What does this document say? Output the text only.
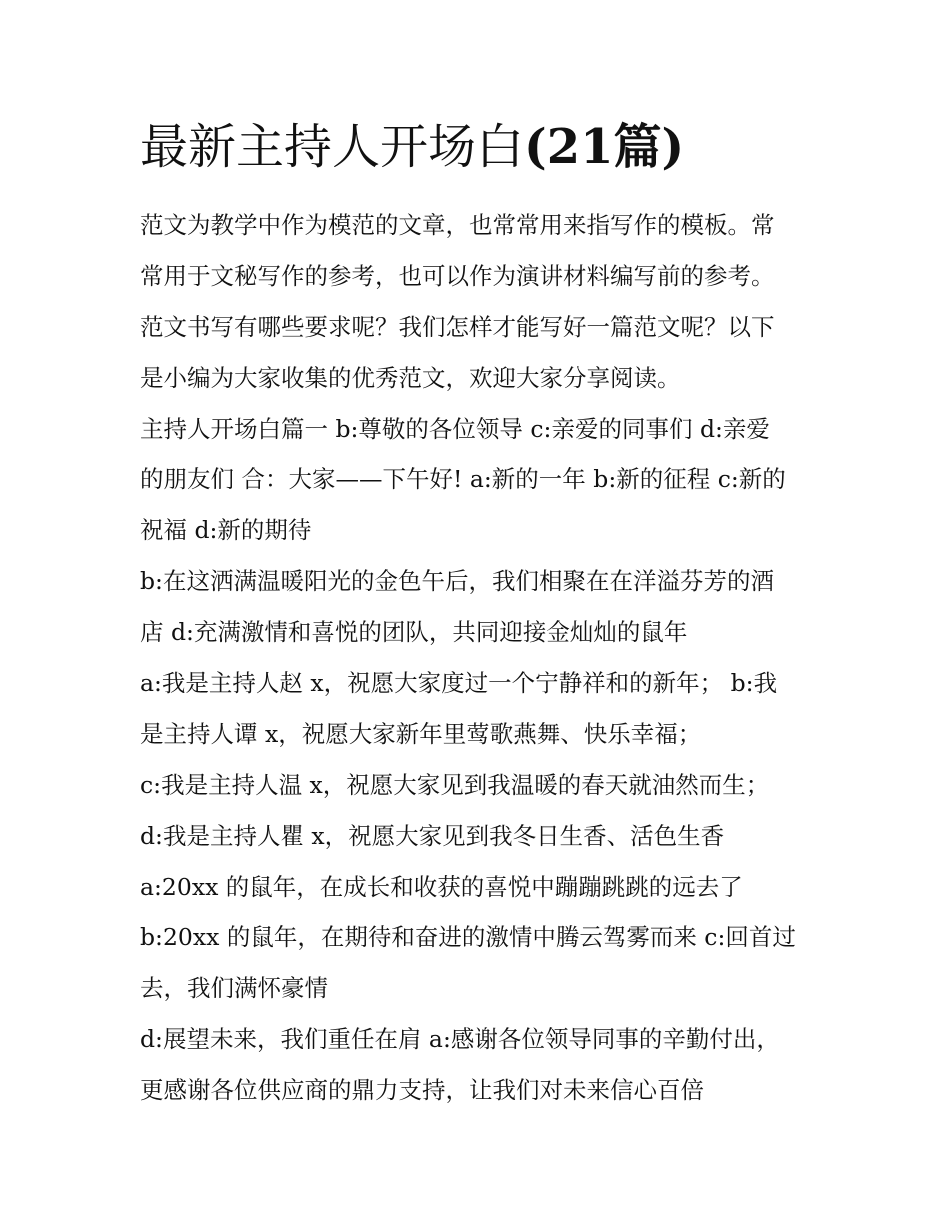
最新主持人开场白(21篇)
范文为教学中作为模范的文章，也常常用来指写作的模板。常
常用于文秘写作的参考，也可以作为演讲材料编写前的参考。
范文书写有哪些要求呢？我们怎样才能写好一篇范文呢？以下
是小编为大家收集的优秀范文，欢迎大家分享阅读。
主持人开场白篇一 b:尊敬的各位领导 c:亲爱的同事们 d:亲爱
的朋友们 合：大家——下午好! a:新的一年 b:新的征程 c:新的
祝福 d:新的期待
b:在这洒满温暖阳光的金色午后，我们相聚在在洋溢芬芳的酒
店 d:充满激情和喜悦的团队，共同迎接金灿灿的鼠年
a:我是主持人赵 x，祝愿大家度过一个宁静祥和的新年； b:我
是主持人谭 x，祝愿大家新年里莺歌燕舞、快乐幸福；
c:我是主持人温 x，祝愿大家见到我温暖的春天就油然而生；
d:我是主持人瞿 x，祝愿大家见到我冬日生香、活色生香
a:20xx 的鼠年，在成长和收获的喜悦中蹦蹦跳跳的远去了
b:20xx 的鼠年，在期待和奋进的激情中腾云驾雾而来 c:回首过
去，我们满怀豪情
d:展望未来，我们重任在肩 a:感谢各位领导同事的辛勤付出，
更感谢各位供应商的鼎力支持，让我们对未来信心百倍
